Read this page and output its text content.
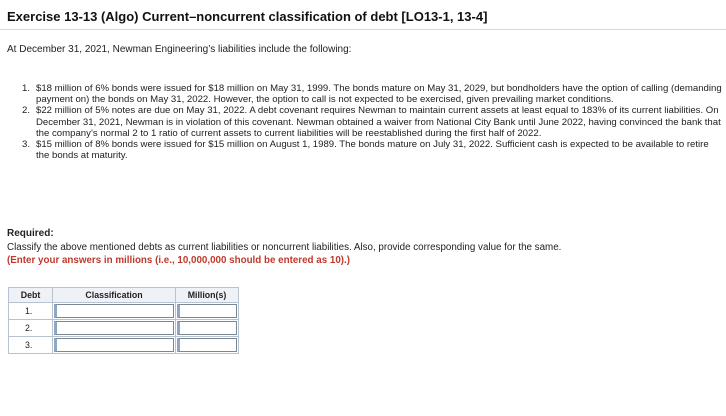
Exercise 13-13 (Algo) Current–noncurrent classification of debt [LO13-1, 13-4]
At December 31, 2021, Newman Engineering’s liabilities include the following:
1. $18 million of 6% bonds were issued for $18 million on May 31, 1999. The bonds mature on May 31, 2029, but bondholders have the option of calling (demanding payment on) the bonds on May 31, 2022. However, the option to call is not expected to be exercised, given prevailing market conditions.
2. $22 million of 5% notes are due on May 31, 2022. A debt covenant requires Newman to maintain current assets at least equal to 183% of its current liabilities. On December 31, 2021, Newman is in violation of this covenant. Newman obtained a waiver from National City Bank until June 2022, having convinced the bank that the company’s normal 2 to 1 ratio of current assets to current liabilities will be reestablished during the first half of 2022.
3. $15 million of 8% bonds were issued for $15 million on August 1, 1989. The bonds mature on July 31, 2022. Sufficient cash is expected to be available to retire the bonds at maturity.
Required:
Classify the above mentioned debts as current liabilities or noncurrent liabilities. Also, provide corresponding value for the same.
(Enter your answers in millions (i.e., 10,000,000 should be entered as 10).)
Debt	Classification	Million(s)
1.	

2.	

3.	
